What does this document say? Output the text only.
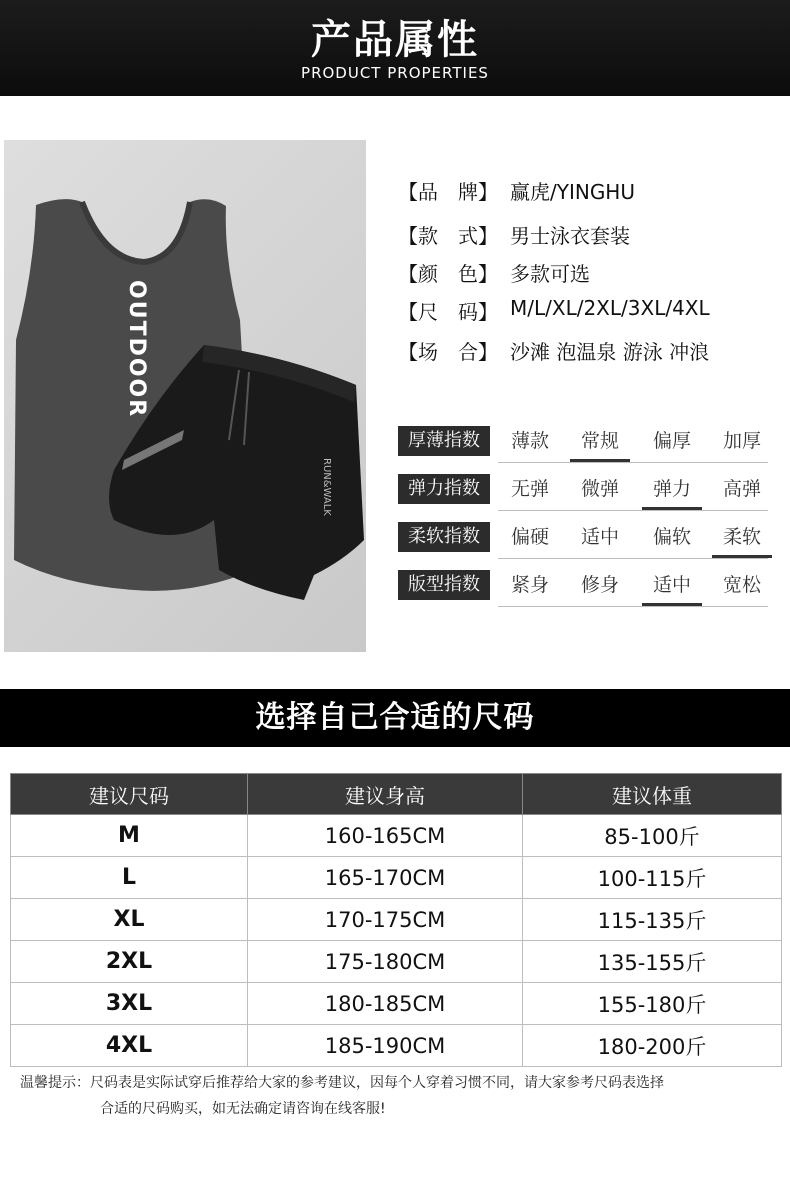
产品属性
PRODUCT PROPERTIES
OUTDOOR
RUN&WALK
【品　牌】 赢虎/YINGHU
【款　式】 男士泳衣套装
【颜　色】 多款可选
【尺　码】 M/L/XL/2XL/3XL/4XL
【场　合】 沙滩 泡温泉 游泳 冲浪
厚薄指数	薄款	常规	偏厚	加厚
弹力指数	无弹	微弹	弹力	高弹
柔软指数	偏硬	适中	偏软	柔软
版型指数	紧身	修身	适中	宽松
选择自己合适的尺码
建议尺码	建议身高	建议体重
M	160-165CM	85-100斤
L	165-170CM	100-115斤
XL	170-175CM	115-135斤
2XL	175-180CM	135-155斤
3XL	180-185CM	155-180斤
4XL	185-190CM	180-200斤
温馨提示：尺码表是实际试穿后推荐给大家的参考建议，因每个人穿着习惯不同，请大家参考尺码表选择
合适的尺码购买，如无法确定请咨询在线客服!
